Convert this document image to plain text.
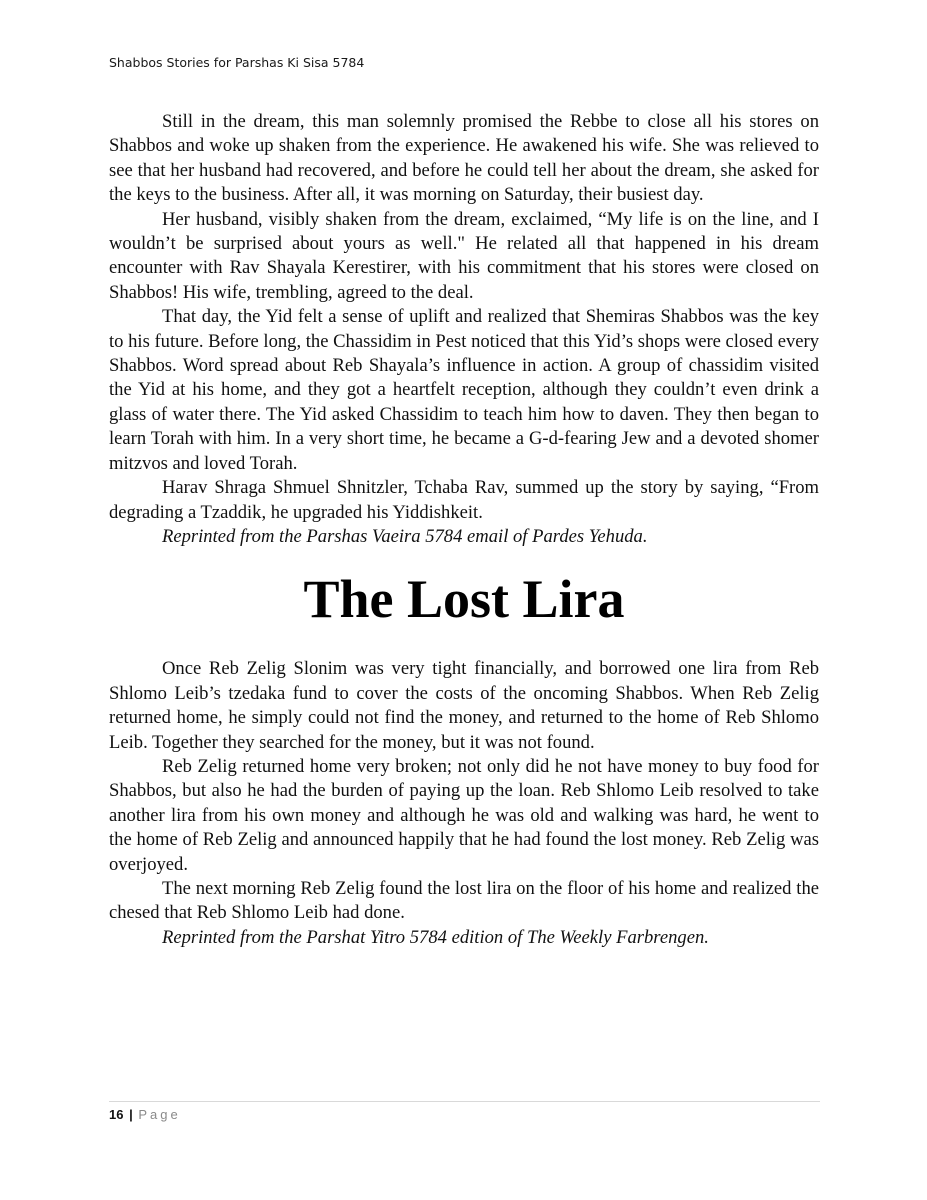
Shabbos Stories for Parshas Ki Sisa 5784

Still in the dream, this man solemnly promised the Rebbe to close all his stores on Shabbos and woke up shaken from the experience. He awakened his wife. She was relieved to see that her husband had recovered, and before he could tell her about the dream, she asked for the keys to the business. After all, it was morning on Saturday, their busiest day.

Her husband, visibly shaken from the dream, exclaimed, “My life is on the line, and I wouldn’t be surprised about yours as well." He related all that happened in his dream encounter with Rav Shayala Kerestirer, with his commitment that his stores were closed on Shabbos! His wife, trembling, agreed to the deal.

That day, the Yid felt a sense of uplift and realized that Shemiras Shabbos was the key to his future. Before long, the Chassidim in Pest noticed that this Yid’s shops were closed every Shabbos. Word spread about Reb Shayala’s influence in action. A group of chassidim visited the Yid at his home, and they got a heartfelt reception, although they couldn’t even drink a glass of water there. The Yid asked Chassidim to teach him how to daven. They then began to learn Torah with him. In a very short time, he became a G-d-fearing Jew and a devoted shomer mitzvos and loved Torah.

Harav Shraga Shmuel Shnitzler, Tchaba Rav, summed up the story by saying, “From degrading a Tzaddik, he upgraded his Yiddishkeit.

Reprinted from the Parshas Vaeira 5784 email of Pardes Yehuda.

The Lost Lira

Once Reb Zelig Slonim was very tight financially, and borrowed one lira from Reb Shlomo Leib’s tzedaka fund to cover the costs of the oncoming Shabbos. When Reb Zelig returned home, he simply could not find the money, and returned to the home of Reb Shlomo Leib. Together they searched for the money, but it was not found.

Reb Zelig returned home very broken; not only did he not have money to buy food for Shabbos, but also he had the burden of paying up the loan. Reb Shlomo Leib resolved to take another lira from his own money and although he was old and walking was hard, he went to the home of Reb Zelig and announced happily that he had found the lost money. Reb Zelig was overjoyed.

The next morning Reb Zelig found the lost lira on the floor of his home and realized the chesed that Reb Shlomo Leib had done.

Reprinted from the Parshat Yitro 5784 edition of The Weekly Farbrengen.

16 | Page
